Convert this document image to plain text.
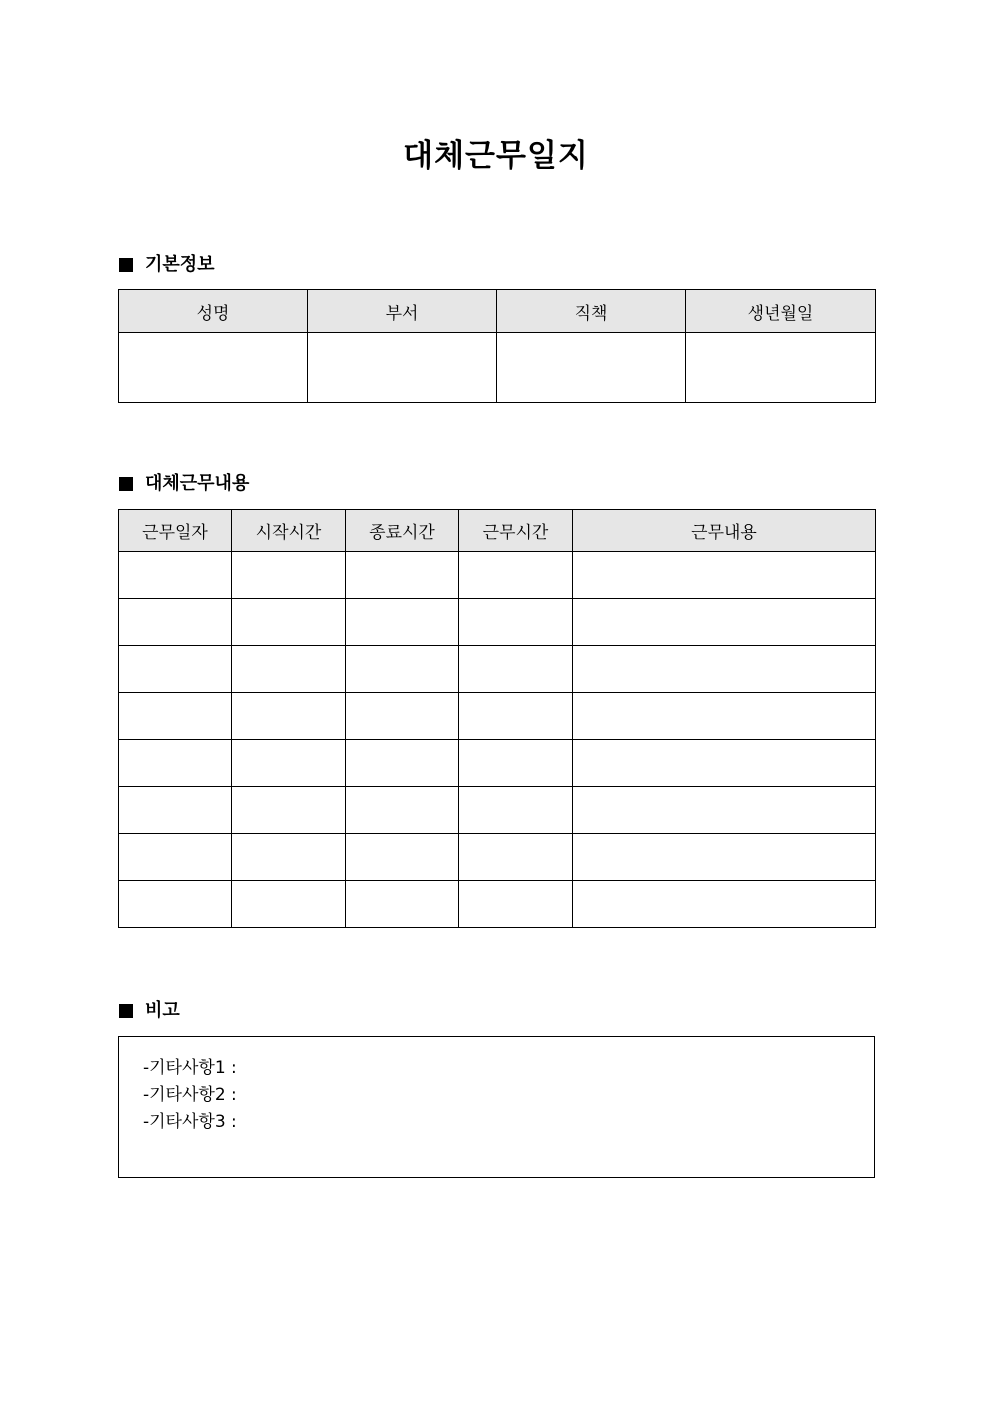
대체근무일지
기본정보
성명	부서	직책	생년월일

대체근무내용
근무일자	시작시간	종료시간	근무시간	근무내용

비고
-기타사항1 :
-기타사항2 :
-기타사항3 :
